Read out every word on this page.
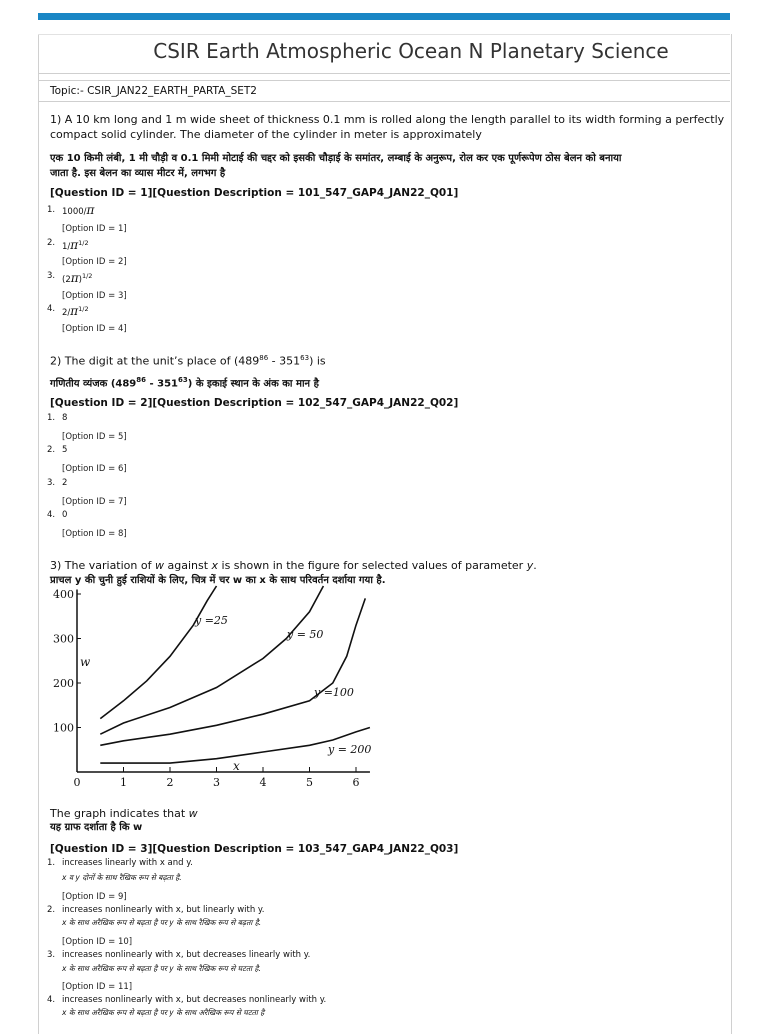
CSIR Earth Atmospheric Ocean N Planetary Science
Topic:- CSIR_JAN22_EARTH_PARTA_SET2
1) A 10 km long and 1 m wide sheet of thickness 0.1 mm is rolled along the length parallel to its width forming a perfectly
compact solid cylinder. The diameter of the cylinder in meter is approximately
एक 10 किमी लंबी, 1 मी चौड़ी व 0.1 मिमी मोटाई की चद्दर को इसकी चौड़ाई के समांतर, लम्बाई के अनुरूप, रोल कर एक पूर्णरूपेण ठोस बेलन को बनाया
जाता है. इस बेलन का व्यास मीटर में, लगभग है
[Question ID = 1][Question Description = 101_547_GAP4_JAN22_Q01]
1. 1000/π
[Option ID = 1]
2. $1/\pi^{1/2}$
[Option ID = 2]
3. $(2\pi)^{1/2}$
[Option ID = 3]
4. $2/\pi^{1/2}$
[Option ID = 4]
2) The digit at the unit’s place of $(489^{86} - 351^{63})$ is
गणितीय व्यंजक $(489^{86} - 351^{63})$ के इकाई स्थान के अंक का मान है
[Question ID = 2][Question Description = 102_547_GAP4_JAN22_Q02]
1. 8
[Option ID = 5]
2. 5
[Option ID = 6]
3. 2
[Option ID = 7]
4. 0
[Option ID = 8]
3) The variation of w against x is shown in the figure for selected values of parameter y.
प्राचल y की चुनी हुई राशियों के लिए, चित्र में चर w का x के साथ परिवर्तन दर्शाया गया है.
0	1	2	3	4	5	6
100
200
300
400
y =25
y = 50
y =100
y = 200
x
w
The graph indicates that w
यह ग्राफ दर्शाता है कि w
[Question ID = 3][Question Description = 103_547_GAP4_JAN22_Q03]
1. increases linearly with x and y.
x व y दोनों के साथ रैखिक रूप से बढ़ता है.
[Option ID = 9]
2. increases nonlinearly with x, but linearly with y.
x के साथ अरैखिक रूप से बढ़ता है पर y के साथ रैखिक रूप से बढ़ता है.
[Option ID = 10]
3. increases nonlinearly with x, but decreases linearly with y.
x के साथ अरैखिक रूप से बढ़ता है पर y के साथ रैखिक रूप से घटता है.
[Option ID = 11]
4. increases nonlinearly with x, but decreases nonlinearly with y.
x के साथ अरैखिक रूप से बढ़ता है पर y के साथ अरैखिक रूप से घटता है
